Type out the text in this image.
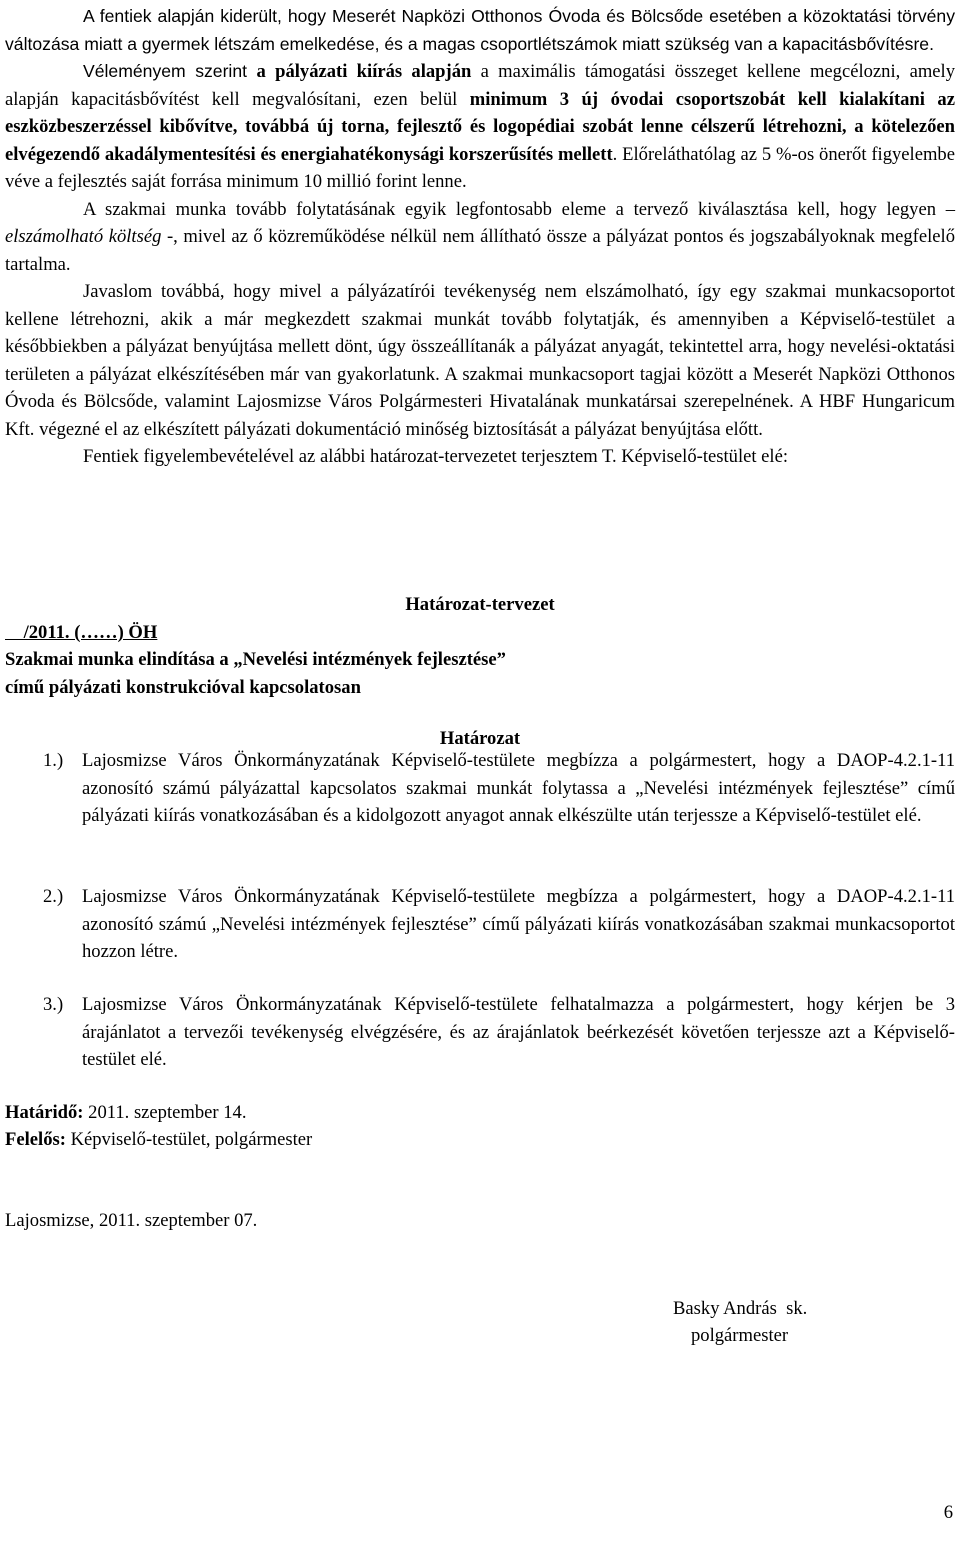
A fentiek alapján kiderült, hogy Meserét Napközi Otthonos Óvoda és Bölcsőde esetében a közoktatási törvény változása miatt a gyermek létszám emelkedése, és a magas csoportlétszámok miatt szükség van a kapacitásbővítésre.

Véleményem szerint a pályázati kiírás alapján a maximális támogatási összeget kellene megcélozni, amely alapján kapacitásbővítést kell megvalósítani, ezen belül minimum 3 új óvodai csoportszobát kell kialakítani az eszközbeszerzéssel kibővítve, továbbá új torna, fejlesztő és logopédiai szobát lenne célszerű létrehozni, a kötelezően elvégezendő akadálymentesítési és energiahatékonysági korszerűsítés mellett. Előreláthatólag az 5 %-os önerőt figyelembe véve a fejlesztés saját forrása minimum 10 millió forint lenne.

A szakmai munka tovább folytatásának egyik legfontosabb eleme a tervező kiválasztása kell, hogy legyen – elszámolható költség -, mivel az ő közreműködése nélkül nem állítható össze a pályázat pontos és jogszabályoknak megfelelő tartalma.

Javaslom továbbá, hogy mivel a pályázatírói tevékenység nem elszámolható, így egy szakmai munkacsoportot kellene létrehozni, akik a már megkezdett szakmai munkát tovább folytatják, és amennyiben a Képviselő-testület a későbbiekben a pályázat benyújtása mellett dönt, úgy összeállítanák a pályázat anyagát, tekintettel arra, hogy nevelési-oktatási területen a pályázat elkészítésében már van gyakorlatunk. A szakmai munkacsoport tagjai között a Meserét Napközi Otthonos Óvoda és Bölcsőde, valamint Lajosmizse Város Polgármesteri Hivatalának munkatársai szerepelnének. A HBF Hungaricum Kft. végezné el az elkészített pályázati dokumentáció minőség biztosítását a pályázat benyújtása előtt.

Fentiek figyelembevételével az alábbi határozat-tervezetet terjesztem T. Képviselő-testület elé:

Határozat-tervezet
/2011. (……) ÖH
Szakmai munka elindítása a „Nevelési intézmények fejlesztése”
című pályázati konstrukcióval kapcsolatosan
Határozat
1.) Lajosmizse Város Önkormányzatának Képviselő-testülete megbízza a polgármestert, hogy a DAOP-4.2.1-11 azonosító számú pályázattal kapcsolatos szakmai munkát folytassa a „Nevelési intézmények fejlesztése” című pályázati kiírás vonatkozásában és a kidolgozott anyagot annak elkészülte után terjessze a Képviselő-testület elé.
2.) Lajosmizse Város Önkormányzatának Képviselő-testülete megbízza a polgármestert, hogy a DAOP-4.2.1-11 azonosító számú „Nevelési intézmények fejlesztése” című pályázati kiírás vonatkozásában szakmai munkacsoportot hozzon létre.
3.) Lajosmizse Város Önkormányzatának Képviselő-testülete felhatalmazza a polgármestert, hogy kérjen be 3 árajánlatot a tervezői tevékenység elvégzésére, és az árajánlatok beérkezését követően terjessze azt a Képviselő-testület elé.
Határidő: 2011. szeptember 14.
Felelős: Képviselő-testület, polgármester
Lajosmizse, 2011. szeptember 07.
Basky András  sk.
polgármester
6
